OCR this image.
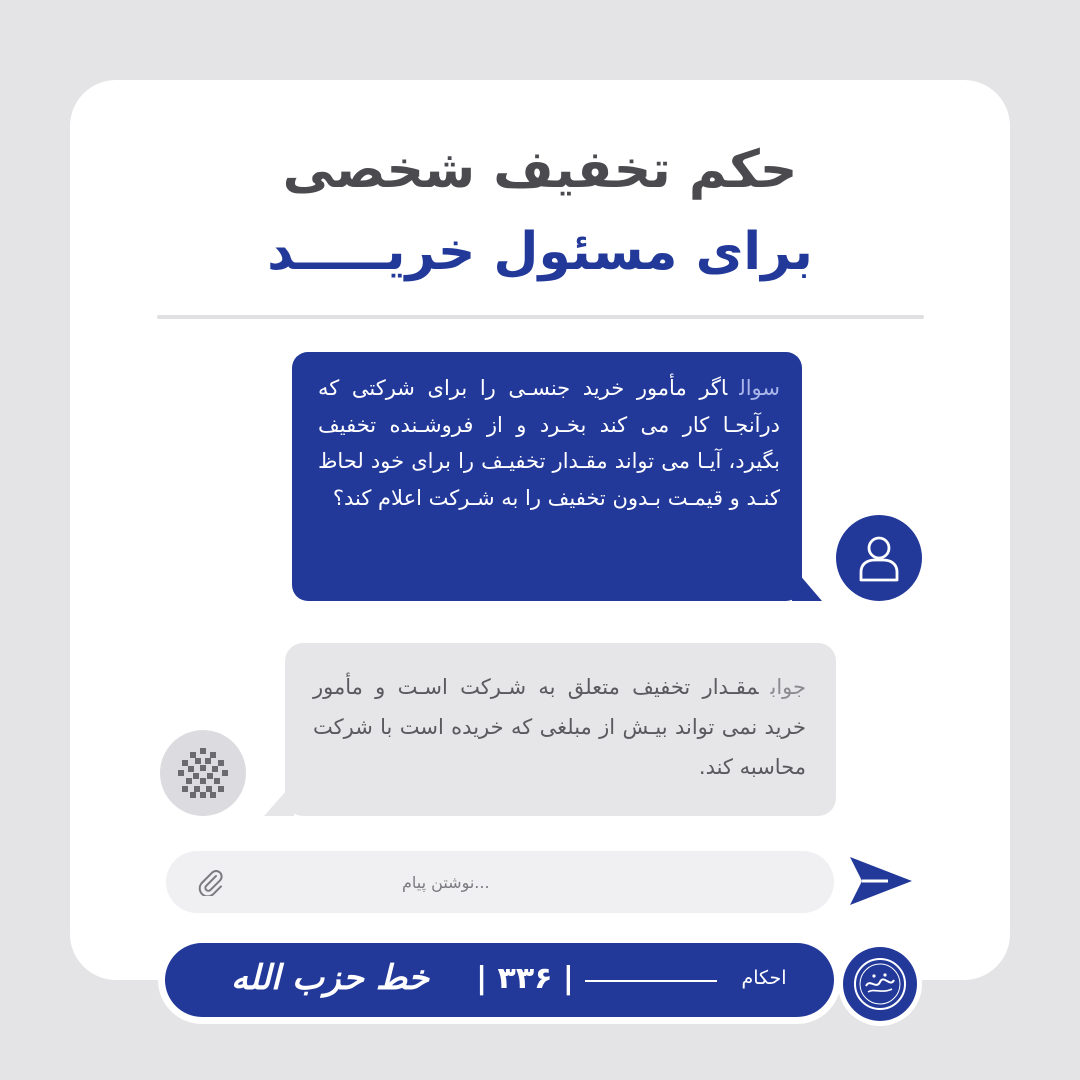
حکم تخفیف شخصی
برای مسئول خریـــــد
سوالاگر مأمور خرید جنسـی را برای شرکتی که درآنجـا کار می کند بخـرد و از فروشـنده تخفیف بگیرد، آیـا می تواند مقـدار تخفیـف را برای خود لحاظ کنـد و قیمـت بـدون تخفیف را به شـرکت اعلام کند؟
جوابمقـدار تخفیف متعلق به شـرکت اسـت و مأمور خرید نمی تواند بیـش از مبلغی که خریده است با شرکت محاسبه کند.
...نوشتن پیام
خط حزب الله	| ۳۳۶ |	احکام
